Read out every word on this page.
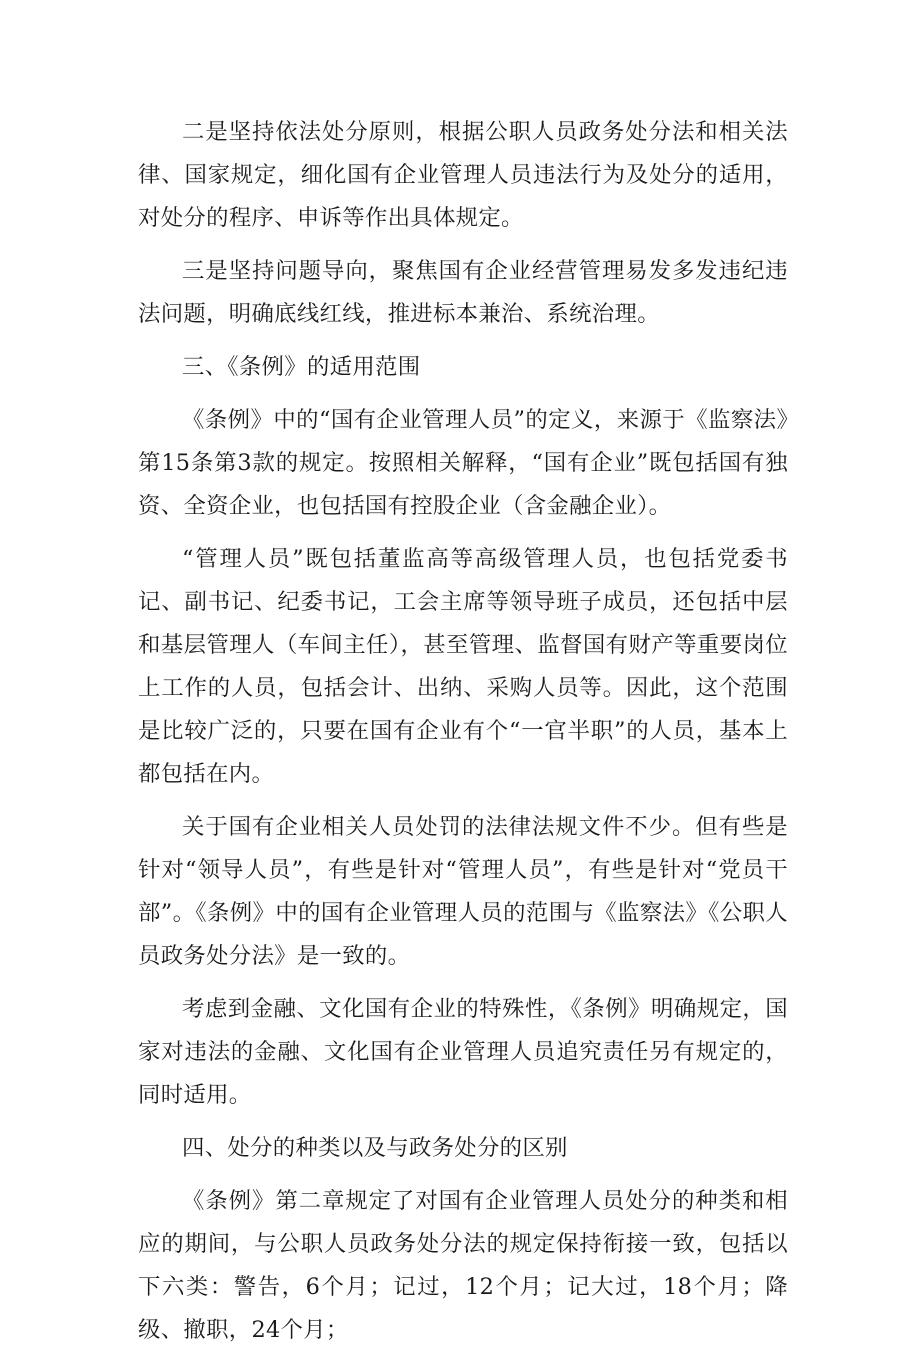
二是坚持依法处分原则，根据公职人员政务处分法和相关法律、国家规定，细化国有企业管理人员违法行为及处分的适用，对处分的程序、申诉等作出具体规定。

三是坚持问题导向，聚焦国有企业经营管理易发多发违纪违法问题，明确底线红线，推进标本兼治、系统治理。

三、《条例》的适用范围

《条例》中的“国有企业管理人员”的定义，来源于《监察法》第15条第3款的规定。按照相关解释，“国有企业”既包括国有独资、全资企业，也包括国有控股企业（含金融企业）。

“管理人员”既包括董监高等高级管理人员，也包括党委书记、副书记、纪委书记，工会主席等领导班子成员，还包括中层和基层管理人（车间主任），甚至管理、监督国有财产等重要岗位上工作的人员，包括会计、出纳、采购人员等。因此，这个范围是比较广泛的，只要在国有企业有个“一官半职”的人员，基本上都包括在内。

关于国有企业相关人员处罚的法律法规文件不少。但有些是针对“领导人员”，有些是针对“管理人员”，有些是针对“党员干部”。《条例》中的国有企业管理人员的范围与《监察法》《公职人员政务处分法》是一致的。

考虑到金融、文化国有企业的特殊性，《条例》明确规定，国家对违法的金融、文化国有企业管理人员追究责任另有规定的，同时适用。

四、处分的种类以及与政务处分的区别

《条例》第二章规定了对国有企业管理人员处分的种类和相应的期间，与公职人员政务处分法的规定保持衔接一致，包括以下六类：警告，6个月；记过，12个月；记大过，18个月；降级、撤职，24个月；
